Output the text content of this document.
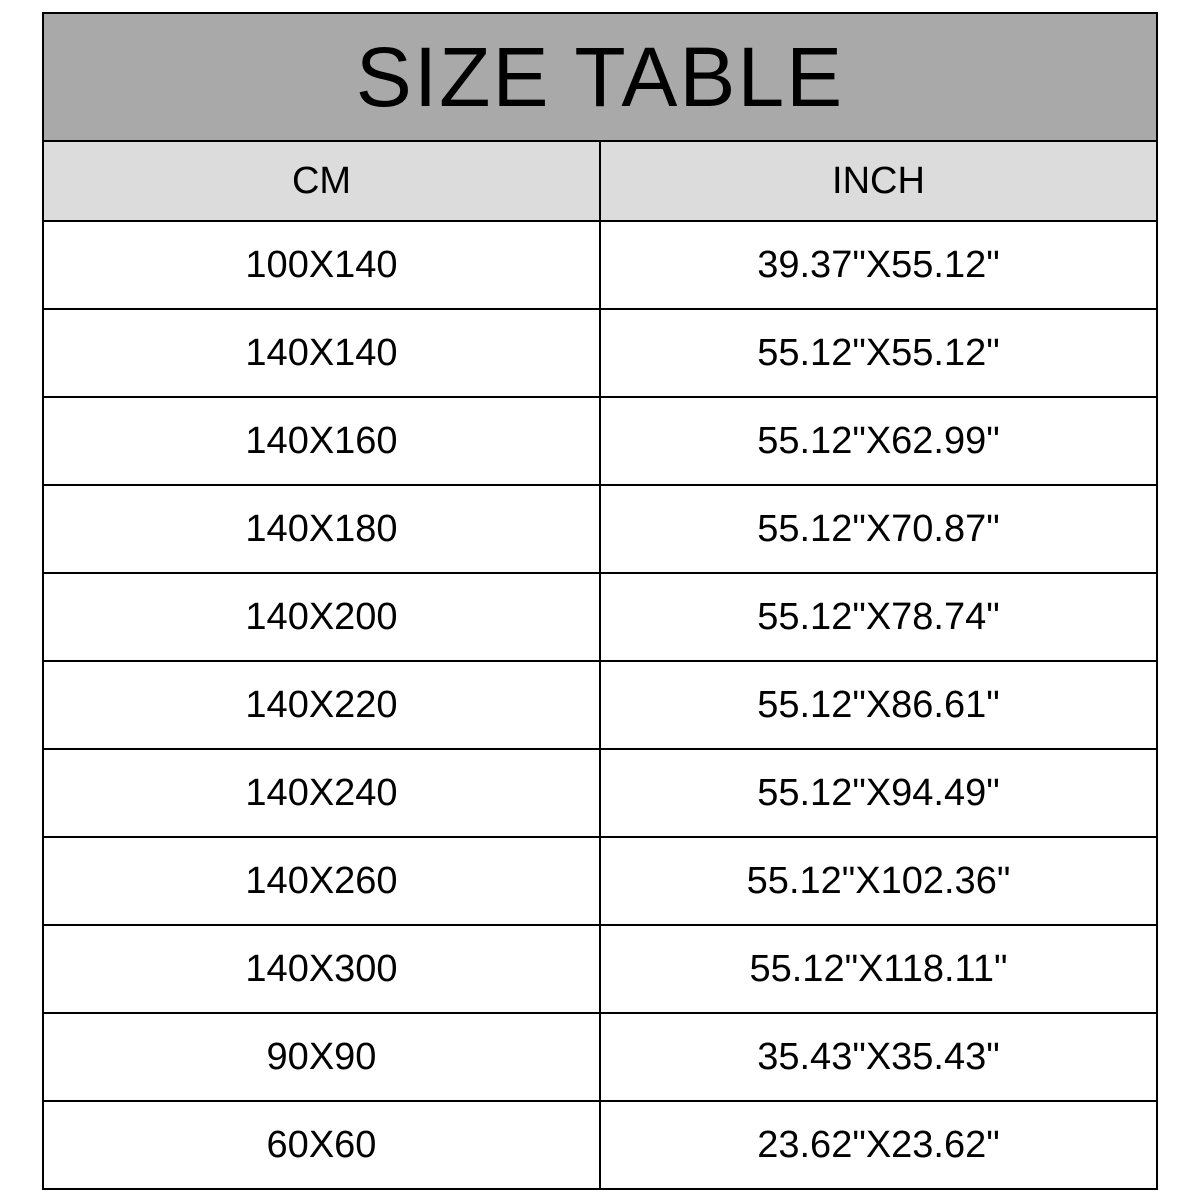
SIZE TABLE	
CM	INCH
100X140	39.37"X55.12"
140X140	55.12"X55.12"
140X160	55.12"X62.99"
140X180	55.12"X70.87"
140X200	55.12"X78.74"
140X220	55.12"X86.61"
140X240	55.12"X94.49"
140X260	55.12"X102.36"
140X300	55.12"X118.11"
90X90	35.43"X35.43"
60X60	23.62"X23.62"
